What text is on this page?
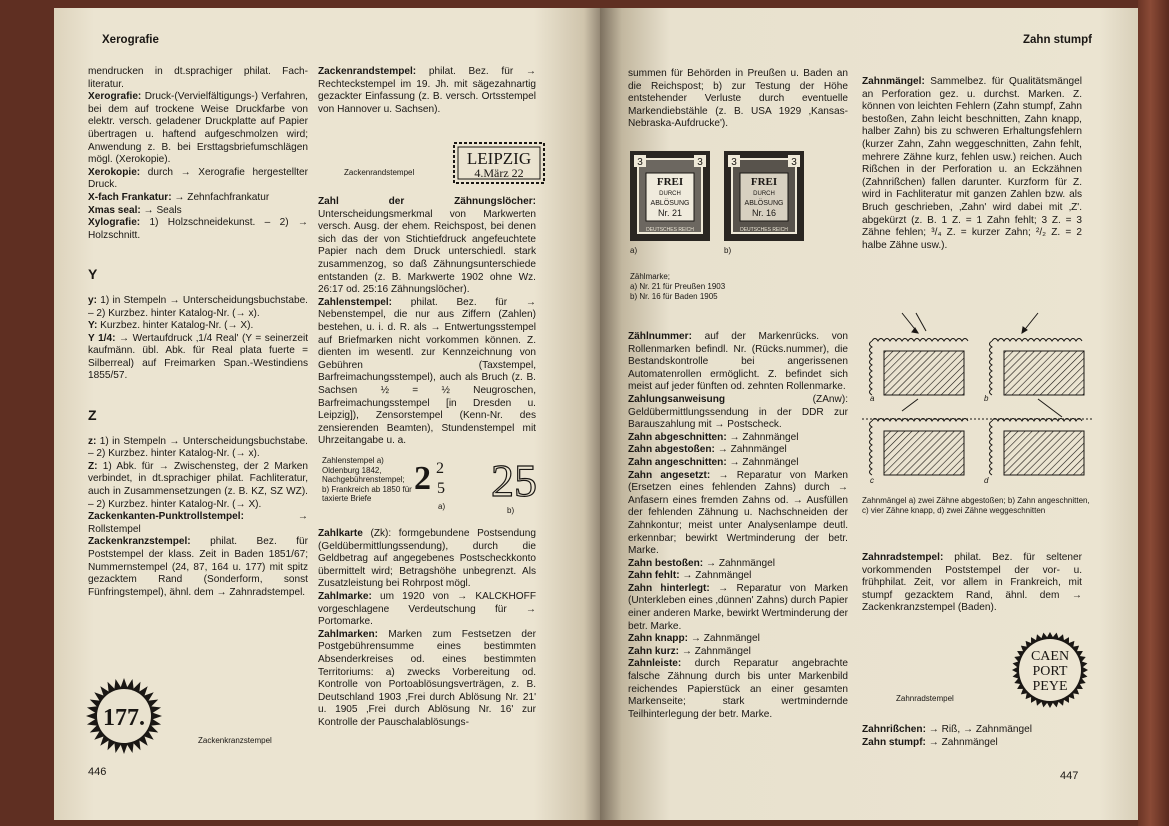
Xerografie

mendrucken in dt.sprachiger philat. Fach-literatur.

Xerografie: Druck-(Vervielfältigungs-) Verfahren, bei dem auf trockene Weise Druckfarbe von elektr. versch. geladener Druckplatte auf Papier übertragen u. haftend aufgeschmolzen wird; Anwendung z. B. bei Ersttagsbriefumschlägen mögl. (Xerokopie).

Xerokopie: durch → Xerografie hergestellter Druck.

X-fach Frankatur: → Zehnfachfrankatur

Xmas seal: → Seals

Xylografie: 1) Holzschneidekunst. – 2) → Holzschnitt.

Y

y: 1) in Stempeln → Unterscheidungsbuchstabe. – 2) Kurzbez. hinter Katalog-Nr. (→ x).

Y: Kurzbez. hinter Katalog-Nr. (→ X).

Y 1/4: → Wertaufdruck ‚1/4 Real' (Y = seinerzeit kaufmänn. übl. Abk. für Real plata fuerte = Silberreal) auf Freimarken Span.-Westindiens 1855/57.

Z

z: 1) in Stempeln → Unterscheidungsbuchstabe. – 2) Kurzbez. hinter Katalog-Nr. (→ x).

Z: 1) Abk. für → Zwischensteg, der 2 Marken verbindet, in dt.sprachiger philat. Fachliteratur, auch in Zusammensetzungen (z. B. KZ, SZ WZ). – 2) Kurzbez. hinter Katalog-Nr. (→ X).

Zackenkanten-Punktrollstempel: → Rollstempel

Zackenkranzstempel: philat. Bez. für Poststempel der klass. Zeit in Baden 1851/67; Nummernstempel (24, 87, 164 u. 177) mit spitz gezacktem Rand (Sonderform, sonst Fünfringstempel), ähnl. dem → Zahnradstempel.

Zackenrandstempel: philat. Bez. für → Rechteckstempel im 19. Jh. mit sägezahnartig gezackter Einfassung (z. B. versch. Ortsstempel von Hannover u. Sachsen).

LEIPZIG
4.März 22
Zackenrandstempel

Zahl der Zähnungslöcher: Unterscheidungsmerkmal von Markwerten versch. Ausg. der ehem. Reichspost, bei denen sich das der von Stichtiefdruck angefeuchtete Papier nach dem Druck unterschiedl. stark zusammenzog, so daß Zähnungsunterschiede entstanden (z. B. Markwerte 1902 ohne Wz. 26:17 od. 25:16 Zähnungslöcher).

Zahlenstempel: philat. Bez. für → Nebenstempel, die nur aus Ziffern (Zahlen) bestehen, u. i. d. R. als → Entwertungsstempel auf Briefmarken nicht vorkommen können. Z. dienten im wesentl. zur Kennzeichnung von Gebühren (Taxstempel, Barfreimachungsstempel), auch als Bruch (z. B. Sachsen ½ = ½ Neugroschen, Barfreimachungsstempel [in Dresden u. Leipzig]), Zensorstempel (Kenn-Nr. des zensierenden Beamten), Stundenstempel mit Uhrzeitangabe u. a.

Zahlenstempel a) Oldenburg 1842, Nachgebührenstempel; b) Frankreich ab 1850 für taxierte Briefe
2 2
5
a)
25
b)

Zahlkarte (Zk): formgebundene Postsendung (Geldübermittlungssendung), durch die Geldbetrag auf angegebenes Postscheckkonto übermittelt wird; Betragshöhe unbegrenzt. Als Zusatzleistung bei Rohrpost mögl.

Zahlmarke: um 1920 von → KALCKHOFF vorgeschlagene Verdeutschung für → Portomarke.

Zahlmarken: Marken zum Festsetzen der Postgebührensumme eines bestimmten Absenderkreises od. eines bestimmten Territoriums: a) zwecks Vorbereitung od. Kontrolle von Portoablösungsverträgen, z. B. Deutschland 1903 ‚Frei durch Ablösung Nr. 21' u. 1905 ‚Frei durch Ablösung Nr. 16' zur Kontrolle der Pauschalablösungs-

177.
Zackenkranzstempel
446
Zahn stumpf

summen für Behörden in Preußen u. Baden an die Reichspost; b) zur Testung der Höhe entstehender Verluste durch eventuelle Markendiebstähle (z. B. USA 1929 ‚Kansas-Nebraska-Aufdrucke').

3	3
FREI
DURCH
ABLÖSUNG
Nr. 21
DEUTSCHES REICH
3	3
FREI
DURCH
ABLÖSUNG
Nr. 16
DEUTSCHES REICH
a)	b)
Zählmarke;
a) Nr. 21 für Preußen 1903
b) Nr. 16 für Baden 1905

Zählnummer: auf der Markenrücks. von Rollenmarken befindl. Nr. (Rücks.nummer), die Bestandskontrolle bei angerissenen Automatenrollen ermöglicht. Z. befindet sich meist auf jeder fünften od. zehnten Rollenmarke.

Zahlungsanweisung (ZAnw): Geldübermittlungssendung in der DDR zur Barauszahlung mit → Postscheck.

Zahn abgeschnitten: → Zahnmängel

Zahn abgestoßen: → Zahnmängel

Zahn angeschnitten: → Zahnmängel

Zahn angesetzt: → Reparatur von Marken (Ersetzen eines fehlenden Zahns) durch → Anfasern eines fremden Zahns od. → Ausfüllen der fehlenden Zähnung u. Nachschneiden der Zahnkontur; meist unter Analysenlampe deutl. erkennbar; bewirkt Wertminderung der betr. Marke.

Zahn bestoßen: → Zahnmängel

Zahn fehlt: → Zahnmängel

Zahn hinterlegt: → Reparatur von Marken (Unterkleben eines ‚dünnen' Zahns) durch Papier einer anderen Marke, bewirkt Wertminderung der betr. Marke.

Zahn knapp: → Zahnmängel

Zahn kurz: → Zahnmängel

Zahnleiste: durch Reparatur angebrachte falsche Zähnung durch bis unter Markenbild reichendes Papierstück an einer gesamten Markenseite; stark wertmindernde Teilhinterlegung der betr. Marke.

Zahnmängel: Sammelbez. für Qualitätsmängel an Perforation gez. u. durchst. Marken. Z. können von leichten Fehlern (Zahn stumpf, Zahn bestoßen, Zahn leicht beschnitten, Zahn knapp, halber Zahn) bis zu schweren Erhaltungsfehlern (kurzer Zahn, Zahn weggeschnitten, Zahn fehlt, mehrere Zähne kurz, fehlen usw.) reichen. Auch Rißchen in der Perforation u. an Eckzähnen (Zahnrißchen) fallen darunter. Kurzform für Z. wird in Fachliteratur mit ganzen Zahlen bzw. als Bruch geschrieben, ‚Zahn' wird dabei mit ‚Z'. abgekürzt (z. B. 1 Z. = 1 Zahn fehlt; 3 Z. = 3 Zähne fehlen; ³/₄ Z. = kurzer Zahn; ²/₂ Z. = 2 halbe Zähne usw.).

a	b
c	d
Zahnmängel a) zwei Zähne abgestoßen; b) Zahn angeschnitten, c) vier Zähne knapp, d) zwei Zähne weggeschnitten

Zahnradstempel: philat. Bez. für seltener vorkommenden Poststempel der vor- u. frühphilat. Zeit, vor allem in Frankreich, mit stumpf gezacktem Rand, ähnl. dem → Zackenkranzstempel (Baden).

CAEN
PORT
PEYE
Zahnradstempel

Zahnrißchen: → Riß, → Zahnmängel

Zahn stumpf: → Zahnmängel

447
